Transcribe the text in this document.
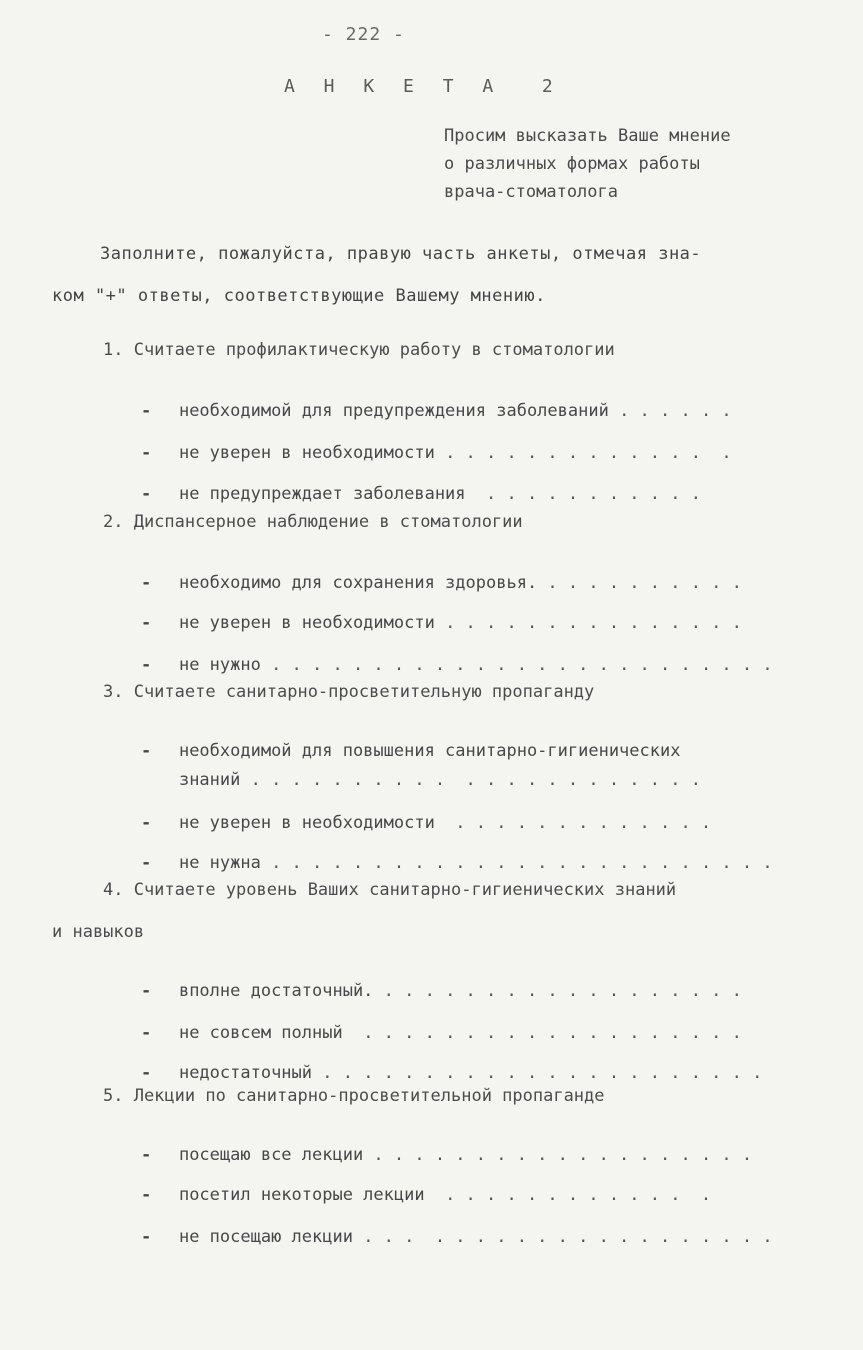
- 222 -
А Н К Е Т А  2
Просим высказать Ваше мнение
о различных формах работы
врача-стоматолога
Заполните, пожалуйста, правую часть анкеты, отмечая зна-
ком "+" ответы, соответствующие Вашему мнению.
1. Считаете профилактическую работу в стоматологии

- необходимой для предупреждения заболеваний . . . . . .

- не уверен в необходимости . . . . . . . . . . . . .  .

- не предупреждает заболевания  . . . . . . . . . . .

2. Диспансерное наблюдение в стоматологии

- необходимо для сохранения здоровья. . . . . . . . . . .

- не уверен в необходимости . . . . . . . . . . . . . . .

- не нужно . . . . . . . . . . . . . . . . . . . . . . . . .

3. Считаете санитарно-просветительную пропаганду

- необходимой для повышения санитарно-гигиенических

знаний . . . . . . . . . .  . . . . . . . . . . . .

- не уверен в необходимости  . . . . . . . . . . . . .

- не нужна . . . . . . . . . . . . . . . . . . . . . . . . .

4. Считаете уровень Ваших санитарно-гигиенических знаний
и навыков

- вполне достаточный. . . . . . . . . . . . . . . . . . .

- не совсем полный  . . . . . . . . . . . . . . . . . . .

- недостаточный . . . . . . . . . . . . . . . . . . . . . .

5. Лекции по санитарно-просветительной пропаганде

- посещаю все лекции . . . . . . . . . . . . . . . . . . .

- посетил некоторые лекции  . . . . . . . . . . . .  .

- не посещаю лекции . . .  . . . . . . . . . . . . . . . . .
